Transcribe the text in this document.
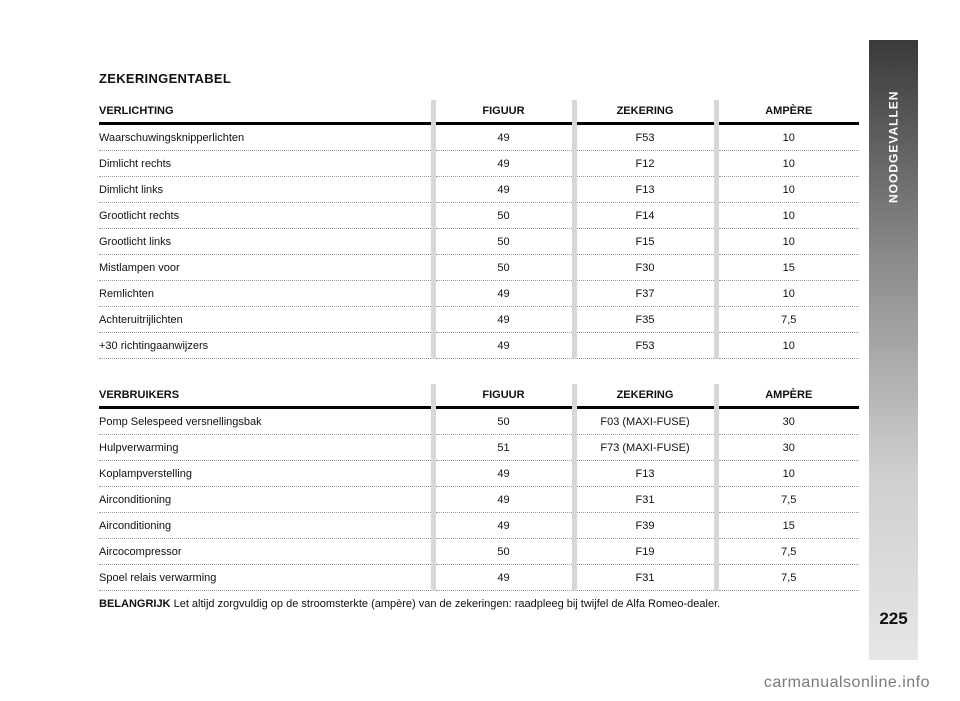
NOODGEVALLEN
225
ZEKERINGENTABEL
VERLICHTING	FIGUUR	ZEKERING	AMPÈRE
Waarschuwingsknipperlichten	49	F53	10
Dimlicht rechts	49	F12	10
Dimlicht links	49	F13	10
Grootlicht rechts	50	F14	10
Grootlicht links	50	F15	10
Mistlampen voor	50	F30	15
Remlichten	49	F37	10
Achteruitrijlichten	49	F35	7,5
+30 richtingaanwijzers	49	F53	10
VERBRUIKERS	FIGUUR	ZEKERING	AMPÈRE
Pomp Selespeed versnellingsbak	50	F03 (MAXI-FUSE)	30
Hulpverwarming	51	F73 (MAXI-FUSE)	30
Koplampverstelling	49	F13	10
Airconditioning	49	F31	7,5
Airconditioning	49	F39	15
Aircocompressor	50	F19	7,5
Spoel relais verwarming	49	F31	7,5
BELANGRIJK Let altijd zorgvuldig op de stroomsterkte (ampère) van de zekeringen: raadpleeg bij twijfel de Alfa Romeo-dealer.
carmanualsonline.info
